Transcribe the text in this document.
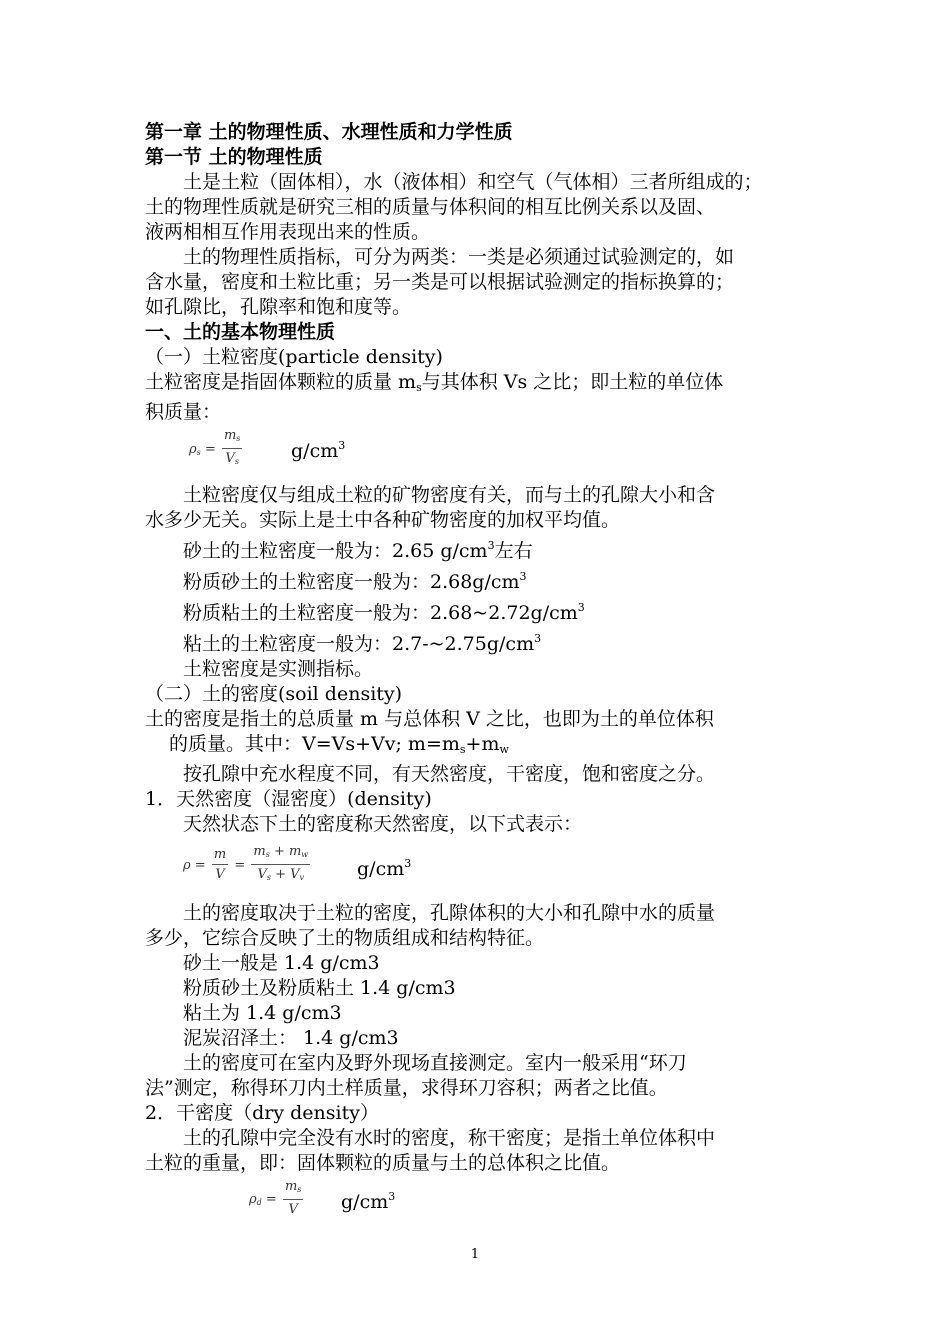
第一章 土的物理性质、水理性质和力学性质
第一节 土的物理性质
土是土粒（固体相），水（液体相）和空气（气体相）三者所组成的；
土的物理性质就是研究三相的质量与体积间的相互比例关系以及固、
液两相相互作用表现出来的性质。
土的物理性质指标，可分为两类：一类是必须通过试验测定的，如
含水量，密度和土粒比重；另一类是可以根据试验测定的指标换算的；
如孔隙比，孔隙率和饱和度等。
一、土的基本物理性质
（一）土粒密度(particle density)
土粒密度是指固体颗粒的质量 $m_s$与其体积 Vs 之比；即土粒的单位体
积质量：
$\rho s = \frac{ms}{Vs}$	$g/cm^3$
土粒密度仅与组成土粒的矿物密度有关，而与土的孔隙大小和含
水多少无关。实际上是土中各种矿物密度的加权平均值。
砂土的土粒密度一般为：2.65 $g/cm^3$左右
粉质砂土的土粒密度一般为：$2.68g/cm^3$
粉质粘土的土粒密度一般为：$2.68\sim 2.72g/cm^3$
粘土的土粒密度一般为：$2.7-\sim 2.75g/cm^3$
土粒密度是实测指标。
（二）土的密度(soil density)
土的密度是指土的总质量 m 与总体积 V 之比，也即为土的单位体积
的质量。其中：V=Vs+Vv; $m=m_s+m_w$
按孔隙中充水程度不同，有天然密度，干密度，饱和密度之分。
1．天然密度（湿密度）(density)
天然状态下土的密度称天然密度，以下式表示：
$\rho = \frac{m}{V} = \frac{ms + mw}{Vs + Vv} g/cm^3$
土的密度取决于土粒的密度，孔隙体积的大小和孔隙中水的质量
多少，它综合反映了土的物质组成和结构特征。
砂土一般是 1.4 g/cm3
粉质砂土及粉质粘土 1.4 g/cm3
粘土为 1.4 g/cm3
泥炭沼泽土： 1.4 g/cm3
土的密度可在室内及野外现场直接测定。室内一般采用“环刀
法”测定，称得环刀内土样质量，求得环刀容积；两者之比值。
2．干密度（dry density）
土的孔隙中完全没有水时的密度，称干密度；是指土单位体积中
土粒的重量，即：固体颗粒的质量与土的总体积之比值。
$\rho d = \frac{ms}{V} g/cm^3$
1
